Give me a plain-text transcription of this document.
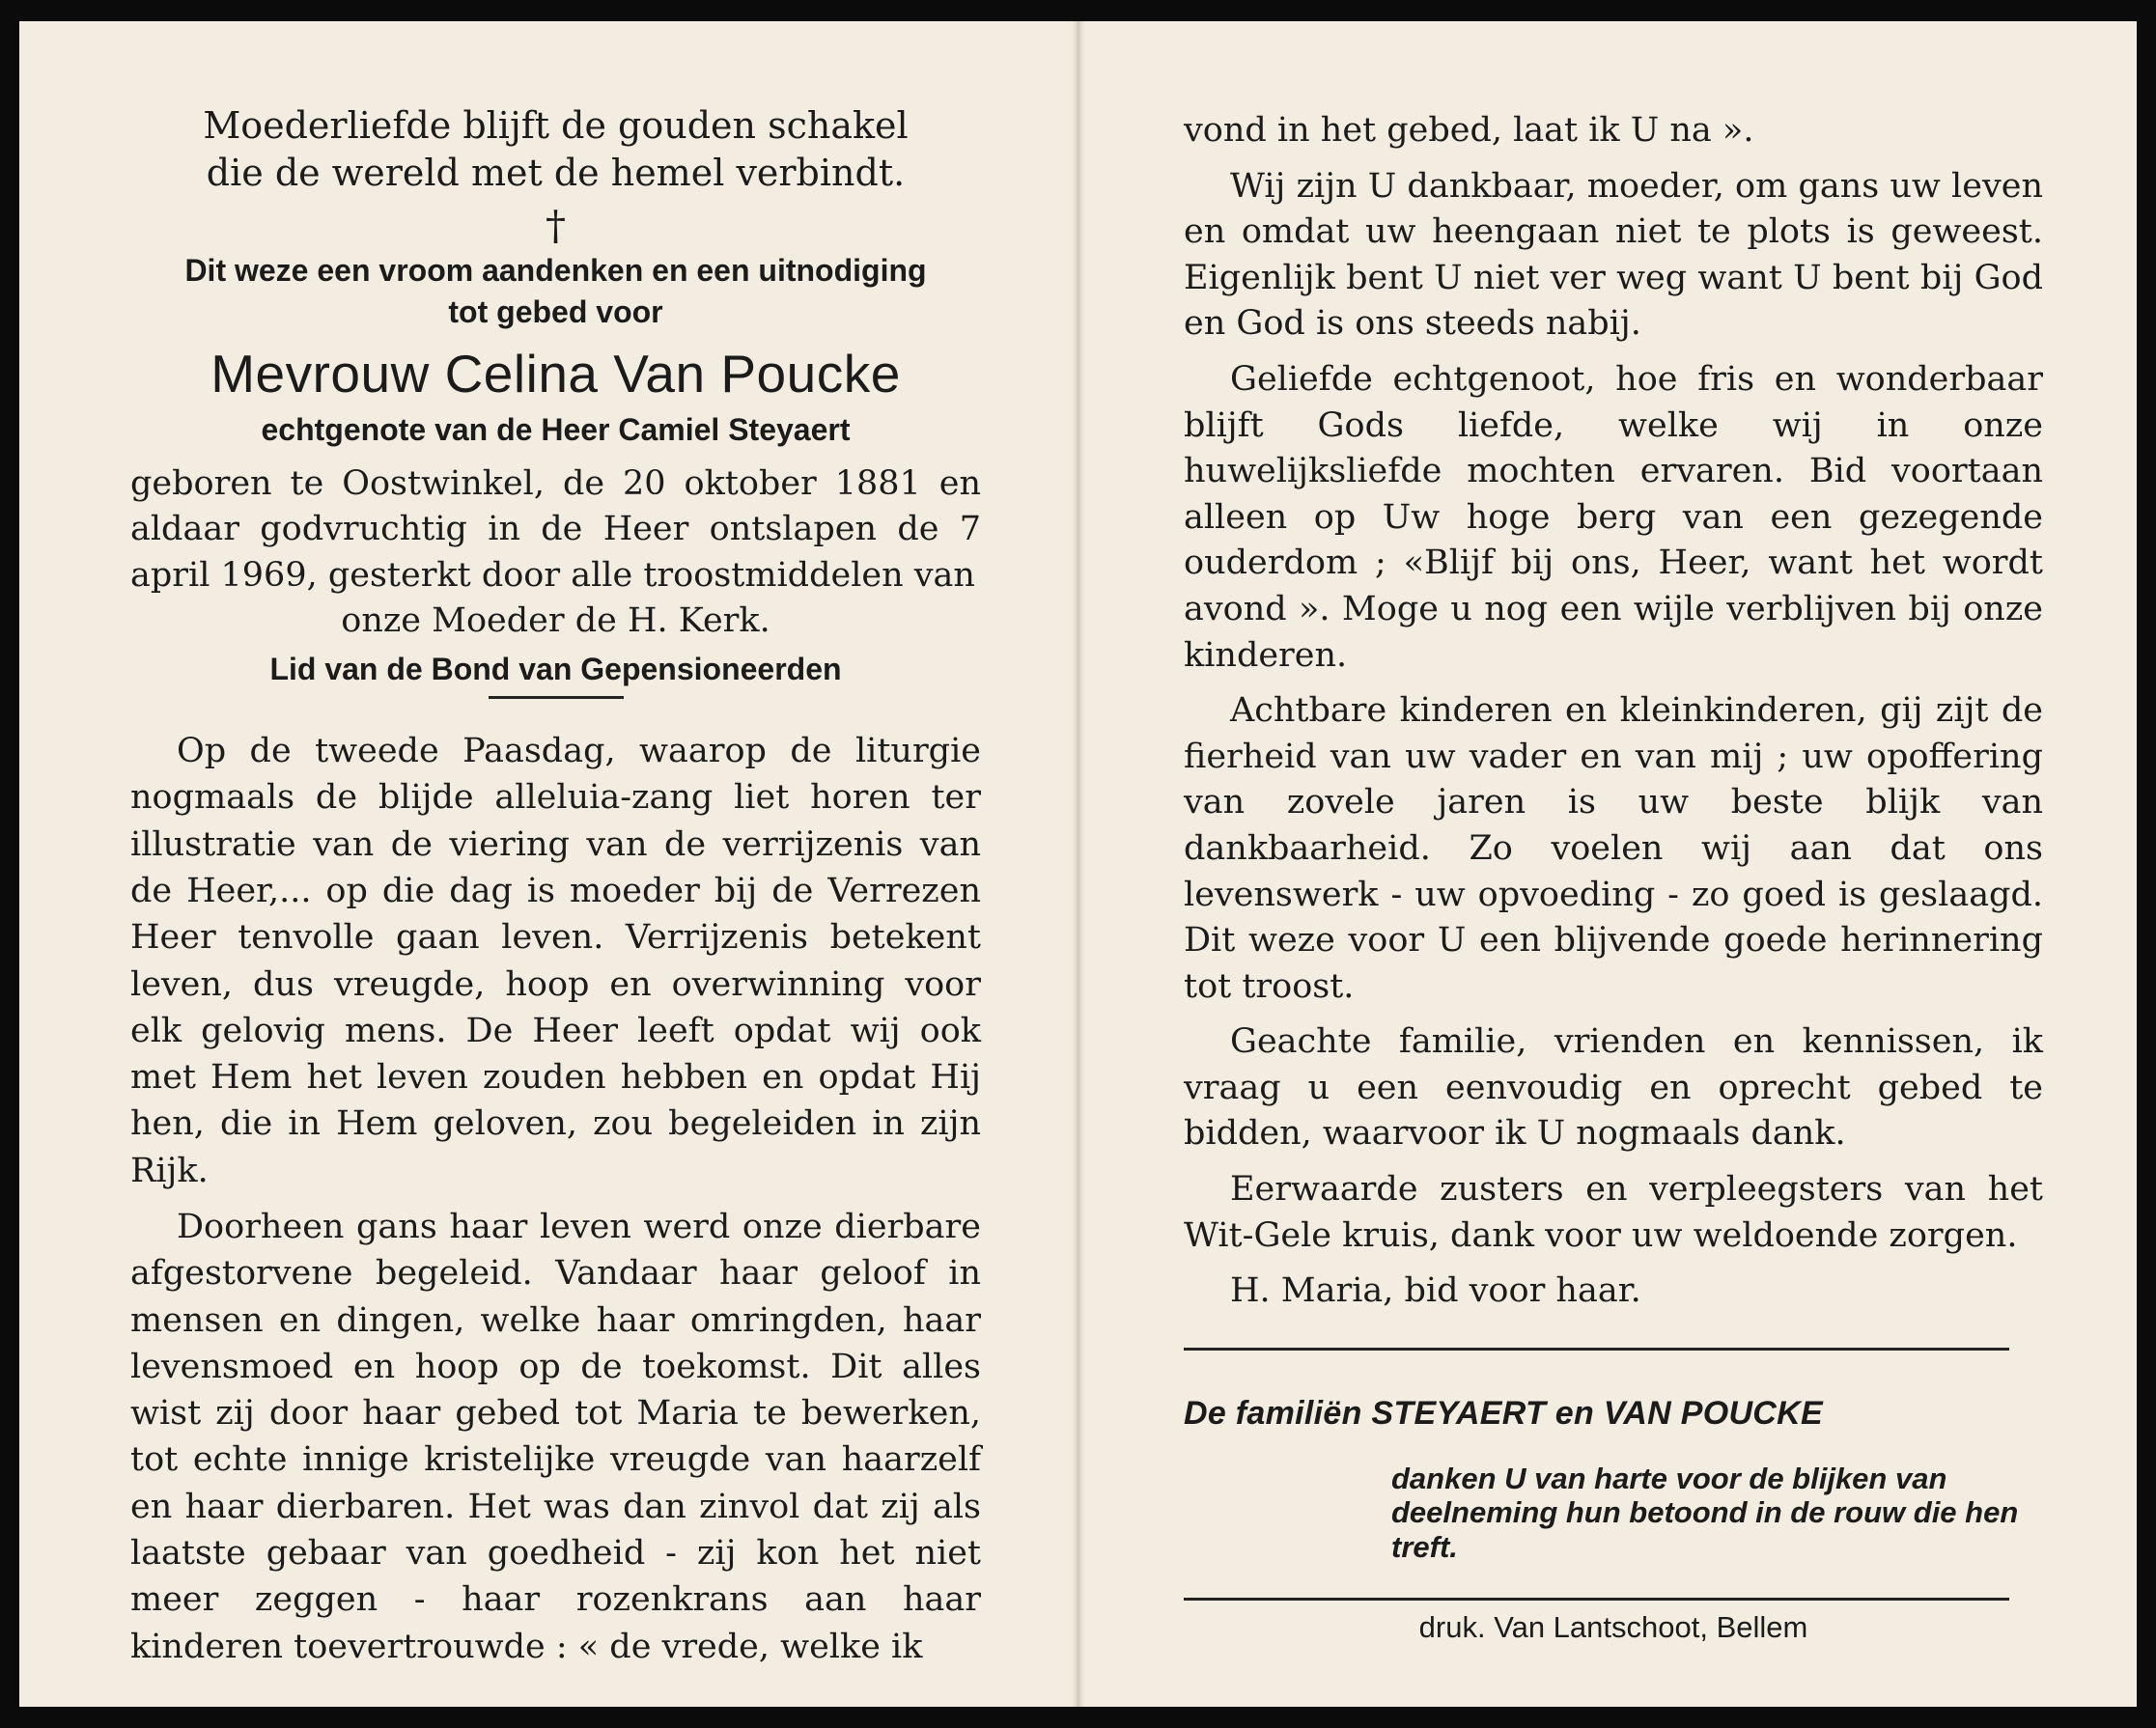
Moederliefde blijft de gouden schakel

die de wereld met de hemel verbindt.

†

Dit weze een vroom aandenken en een uitnodiging

tot gebed voor

Mevrouw Celina Van Poucke

echtgenote van de Heer Camiel Steyaert

geboren te Oostwinkel, de 20 oktober 1881 en aldaar godvruchtig in de Heer ontslapen de 7 april 1969, gesterkt door alle troostmiddelen van

onze Moeder de H. Kerk.

Lid van de Bond van Gepensioneerden

Op de tweede Paasdag, waarop de liturgie nogmaals de blijde alleluia-zang liet horen ter illustratie van de viering van de verrijzenis van de Heer,... op die dag is moeder bij de Verrezen Heer tenvolle gaan leven. Verrijzenis betekent leven, dus vreugde, hoop en overwinning voor elk gelovig mens. De Heer leeft opdat wij ook met Hem het leven zouden hebben en opdat Hij hen, die in Hem geloven, zou begeleiden in zijn Rijk.

Doorheen gans haar leven werd onze dierbare afgestorvene begeleid. Vandaar haar geloof in mensen en dingen, welke haar omringden, haar levensmoed en hoop op de toekomst. Dit alles wist zij door haar gebed tot Maria te bewerken, tot echte innige kristelijke vreugde van haarzelf en haar dierbaren. Het was dan zinvol dat zij als laatste gebaar van goedheid - zij kon het niet meer zeggen - haar rozenkrans aan haar kinderen toevertrouwde : « de vrede, welke ik

vond in het gebed, laat ik U na ».

Wij zijn U dankbaar, moeder, om gans uw leven en omdat uw heengaan niet te plots is geweest. Eigenlijk bent U niet ver weg want U bent bij God en God is ons steeds nabij.

Geliefde echtgenoot, hoe fris en wonderbaar blijft Gods liefde, welke wij in onze huwelijksliefde mochten ervaren. Bid voortaan alleen op Uw hoge berg van een gezegende ouderdom ; «Blijf bij ons, Heer, want het wordt avond ». Moge u nog een wijle verblijven bij onze kinderen.

Achtbare kinderen en kleinkinderen, gij zijt de fierheid van uw vader en van mij ; uw opoffering van zovele jaren is uw beste blijk van dankbaarheid. Zo voelen wij aan dat ons levenswerk - uw opvoeding - zo goed is geslaagd. Dit weze voor U een blijvende goede herinnering tot troost.

Geachte familie, vrienden en kennissen, ik vraag u een eenvoudig en oprecht gebed te bidden, waarvoor ik U nogmaals dank.

Eerwaarde zusters en verpleegsters van het Wit-Gele kruis, dank voor uw weldoende zorgen.

H. Maria, bid voor haar.

De familiën STEYAERT en VAN POUCKE

danken U van harte voor de blijken van deelneming hun betoond in de rouw die hen treft.

druk. Van Lantschoot, Bellem
